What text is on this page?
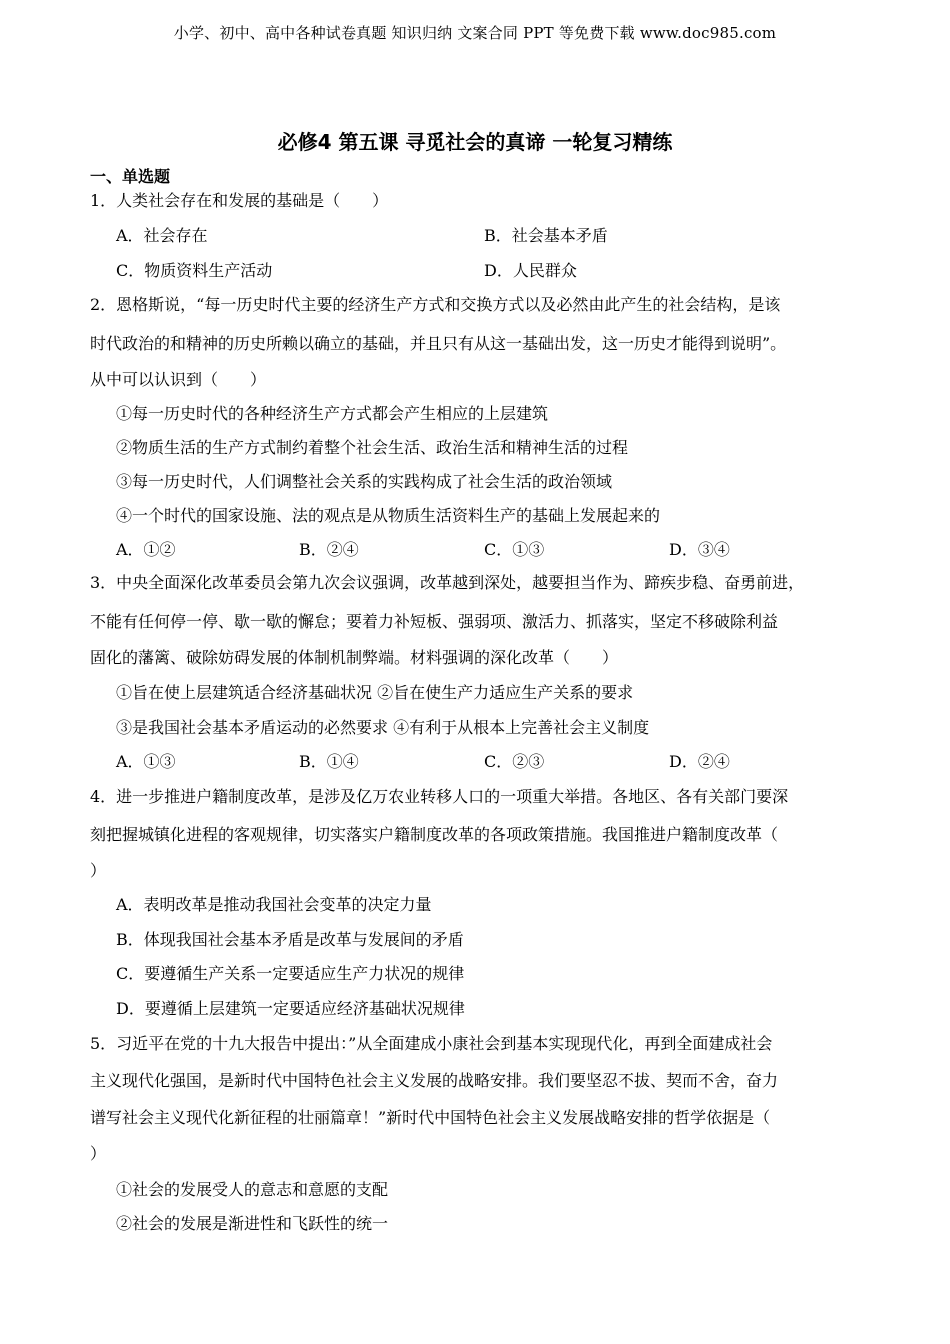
小学、初中、高中各种试卷真题 知识归纳 文案合同 PPT 等免费下载 www.doc985.com
必修4 第五课 寻觅社会的真谛 一轮复习精练
一、单选题
1．人类社会存在和发展的基础是（　　）
A．社会存在	B．社会基本矛盾
C．物质资料生产活动	D．人民群众
2．恩格斯说，“每一历史时代主要的经济生产方式和交换方式以及必然由此产生的社会结构，是该
时代政治的和精神的历史所赖以确立的基础，并且只有从这一基础出发，这一历史才能得到说明”。
从中可以认识到（　　）
①每一历史时代的各种经济生产方式都会产生相应的上层建筑
②物质生活的生产方式制约着整个社会生活、政治生活和精神生活的过程
③每一历史时代，人们调整社会关系的实践构成了社会生活的政治领域
④一个时代的国家设施、法的观点是从物质生活资料生产的基础上发展起来的
A．①②	B．②④	C．①③	D．③④
3．中央全面深化改革委员会第九次会议强调，改革越到深处，越要担当作为、蹄疾步稳、奋勇前进，
不能有任何停一停、歇一歇的懈怠；要着力补短板、强弱项、激活力、抓落实，坚定不移破除利益
固化的藩篱、破除妨碍发展的体制机制弊端。材料强调的深化改革（　　）
①旨在使上层建筑适合经济基础状况 ②旨在使生产力适应生产关系的要求
③是我国社会基本矛盾运动的必然要求 ④有利于从根本上完善社会主义制度
A．①③	B．①④	C．②③	D．②④
4．进一步推进户籍制度改革，是涉及亿万农业转移人口的一项重大举措。各地区、各有关部门要深
刻把握城镇化进程的客观规律，切实落实户籍制度改革的各项政策措施。我国推进户籍制度改革（
）
A．表明改革是推动我国社会变革的决定力量
B．体现我国社会基本矛盾是改革与发展间的矛盾
C．要遵循生产关系一定要适应生产力状况的规律
D．要遵循上层建筑一定要适应经济基础状况规律
5．习近平在党的十九大报告中提出：”从全面建成小康社会到基本实现现代化，再到全面建成社会
主义现代化强国，是新时代中国特色社会主义发展的战略安排。我们要坚忍不拔、契而不舍，奋力
谱写社会主义现代化新征程的壮丽篇章！”新时代中国特色社会主义发展战略安排的哲学依据是（
）
①社会的发展受人的意志和意愿的支配
②社会的发展是渐进性和飞跃性的统一
